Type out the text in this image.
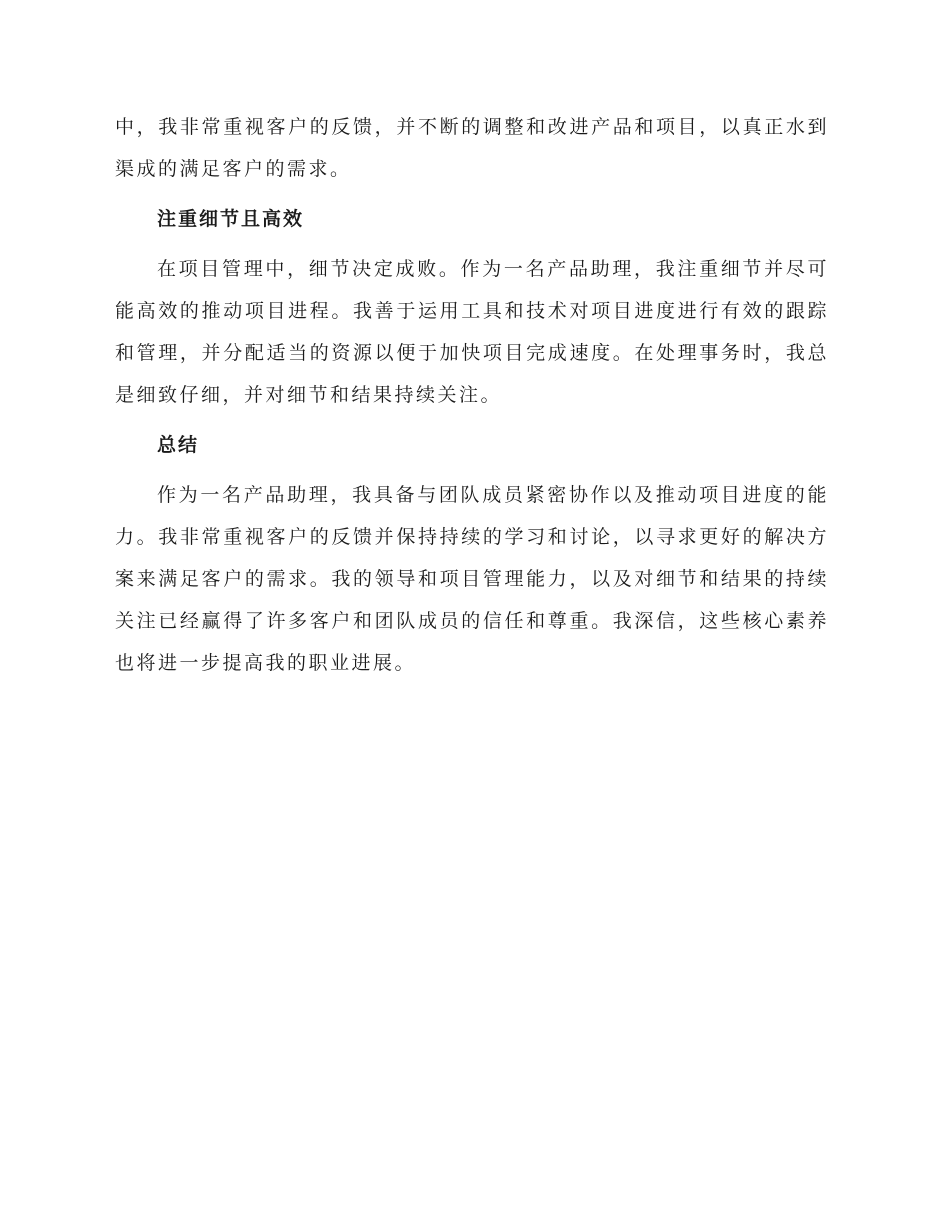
中，我非常重视客户的反馈，并不断的调整和改进产品和项目，以真正水到渠成的满足客户的需求。

注重细节且高效

在项目管理中，细节决定成败。作为一名产品助理，我注重细节并尽可能高效的推动项目进程。我善于运用工具和技术对项目进度进行有效的跟踪和管理，并分配适当的资源以便于加快项目完成速度。在处理事务时，我总是细致仔细，并对细节和结果持续关注。

总结

作为一名产品助理，我具备与团队成员紧密协作以及推动项目进度的能力。我非常重视客户的反馈并保持持续的学习和讨论，以寻求更好的解决方案来满足客户的需求。我的领导和项目管理能力，以及对细节和结果的持续关注已经赢得了许多客户和团队成员的信任和尊重。我深信，这些核心素养也将进一步提高我的职业进展。
